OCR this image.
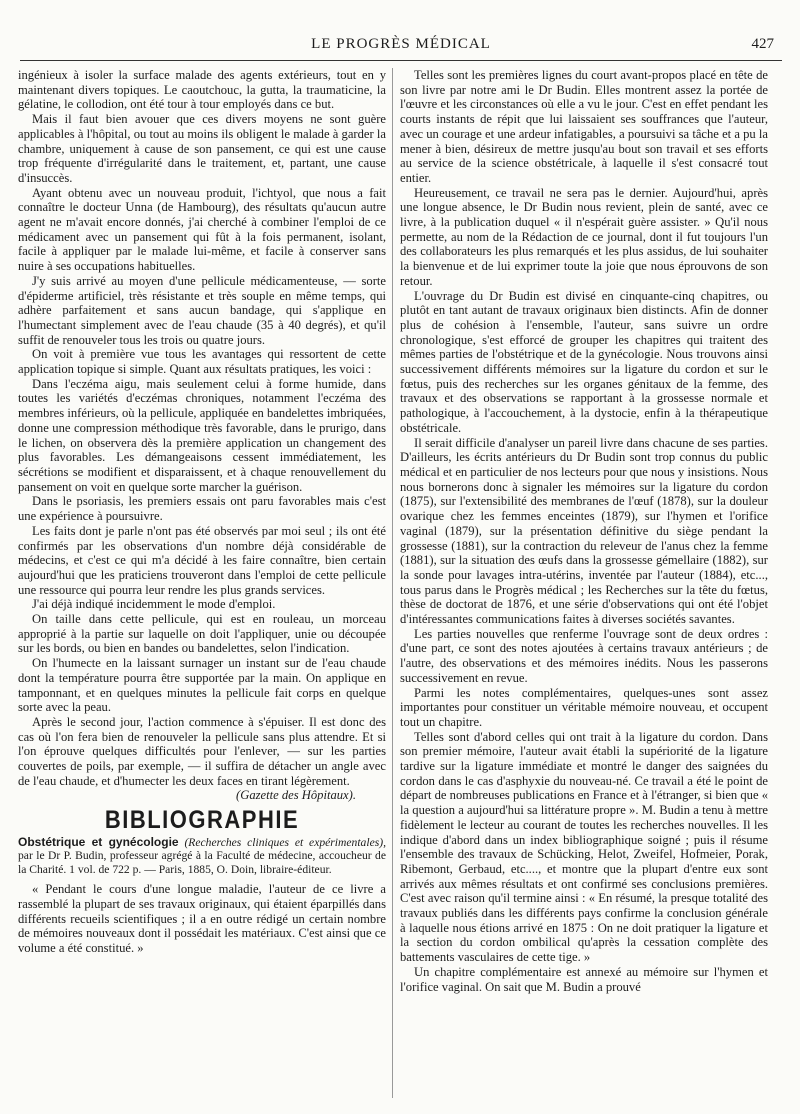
LE PROGRÈS MÉDICAL	427

ingénieux à isoler la surface malade des agents extérieurs, tout en y maintenant divers topiques. Le caoutchouc, la gutta, la traumaticine, la gélatine, le collodion, ont été tour à tour employés dans ce but.

Mais il faut bien avouer que ces divers moyens ne sont guère applicables à l'hôpital, ou tout au moins ils obligent le malade à garder la chambre, uniquement à cause de son pansement, ce qui est une cause trop fréquente d'irrégularité dans le traitement, et, partant, une cause d'insuccès.

Ayant obtenu avec un nouveau produit, l'ichtyol, que nous a fait connaître le docteur Unna (de Hambourg), des résultats qu'aucun autre agent ne m'avait encore donnés, j'ai cherché à combiner l'emploi de ce médicament avec un pansement qui fût à la fois permanent, isolant, facile à appliquer par le malade lui-même, et facile à conserver sans nuire à ses occupations habituelles.

J'y suis arrivé au moyen d'une pellicule médicamenteuse, — sorte d'épiderme artificiel, très résistante et très souple en même temps, qui adhère parfaitement et sans aucun bandage, qui s'applique en l'humectant simplement avec de l'eau chaude (35 à 40 degrés), et qu'il suffit de renouveler tous les trois ou quatre jours.

On voit à première vue tous les avantages qui ressortent de cette application topique si simple. Quant aux résultats pratiques, les voici :

Dans l'eczéma aigu, mais seulement celui à forme humide, dans toutes les variétés d'eczémas chroniques, notamment l'eczéma des membres inférieurs, où la pellicule, appliquée en bandelettes imbriquées, donne une compression méthodique très favorable, dans le prurigo, dans le lichen, on observera dès la première application un changement des plus favorables. Les démangeaisons cessent immédiatement, les sécrétions se modifient et disparaissent, et à chaque renouvellement du pansement on voit en quelque sorte marcher la guérison.

Dans le psoriasis, les premiers essais ont paru favorables mais c'est une expérience à poursuivre.

Les faits dont je parle n'ont pas été observés par moi seul ; ils ont été confirmés par les observations d'un nombre déjà considérable de médecins, et c'est ce qui m'a décidé à les faire connaître, bien certain aujourd'hui que les praticiens trouveront dans l'emploi de cette pellicule une ressource qui pourra leur rendre les plus grands services.

J'ai déjà indiqué incidemment le mode d'emploi.

On taille dans cette pellicule, qui est en rouleau, un morceau approprié à la partie sur laquelle on doit l'appliquer, unie ou découpée sur les bords, ou bien en bandes ou bandelettes, selon l'indication.

On l'humecte en la laissant surnager un instant sur de l'eau chaude dont la température pourra être supportée par la main. On applique en tamponnant, et en quelques minutes la pellicule fait corps en quelque sorte avec la peau.

Après le second jour, l'action commence à s'épuiser. Il est donc des cas où l'on fera bien de renouveler la pellicule sans plus attendre. Et si l'on éprouve quelques difficultés pour l'enlever, — sur les parties couvertes de poils, par exemple, — il suffira de détacher un angle avec de l'eau chaude, et d'humecter les deux faces en tirant légèrement.

(Gazette des Hôpitaux).

BIBLIOGRAPHIE

Obstétrique et gynécologie (Recherches cliniques et expérimentales), par le Dr P. Budin, professeur agrégé à la Faculté de médecine, accoucheur de la Charité. 1 vol. de 722 p. — Paris, 1885, O. Doin, libraire-éditeur.

« Pendant le cours d'une longue maladie, l'auteur de ce livre a rassemblé la plupart de ses travaux originaux, qui étaient éparpillés dans différents recueils scientifiques ; il a en outre rédigé un certain nombre de mémoires nouveaux dont il possédait les matériaux. C'est ainsi que ce volume a été constitué. »

Telles sont les premières lignes du court avant-propos placé en tête de son livre par notre ami le Dr Budin. Elles montrent assez la portée de l'œuvre et les circonstances où elle a vu le jour. C'est en effet pendant les courts instants de répit que lui laissaient ses souffrances que l'auteur, avec un courage et une ardeur infatigables, a poursuivi sa tâche et a pu la mener à bien, désireux de mettre jusqu'au bout son travail et ses efforts au service de la science obstétricale, à laquelle il s'est consacré tout entier.

Heureusement, ce travail ne sera pas le dernier. Aujourd'hui, après une longue absence, le Dr Budin nous revient, plein de santé, avec ce livre, à la publication duquel « il n'espérait guère assister. » Qu'il nous permette, au nom de la Rédaction de ce journal, dont il fut toujours l'un des collaborateurs les plus remarqués et les plus assidus, de lui souhaiter la bienvenue et de lui exprimer toute la joie que nous éprouvons de son retour.

L'ouvrage du Dr Budin est divisé en cinquante-cinq chapitres, ou plutôt en tant autant de travaux originaux bien distincts. Afin de donner plus de cohésion à l'ensemble, l'auteur, sans suivre un ordre chronologique, s'est efforcé de grouper les chapitres qui traitent des mêmes parties de l'obstétrique et de la gynécologie. Nous trouvons ainsi successivement différents mémoires sur la ligature du cordon et sur le fœtus, puis des recherches sur les organes génitaux de la femme, des travaux et des observations se rapportant à la grossesse normale et pathologique, à l'accouchement, à la dystocie, enfin à la thérapeutique obstétricale.

Il serait difficile d'analyser un pareil livre dans chacune de ses parties. D'ailleurs, les écrits antérieurs du Dr Budin sont trop connus du public médical et en particulier de nos lecteurs pour que nous y insistions. Nous nous bornerons donc à signaler les mémoires sur la ligature du cordon (1875), sur l'extensibilité des membranes de l'œuf (1878), sur la douleur ovarique chez les femmes enceintes (1879), sur l'hymen et l'orifice vaginal (1879), sur la présentation définitive du siège pendant la grossesse (1881), sur la contraction du releveur de l'anus chez la femme (1881), sur la situation des œufs dans la grossesse gémellaire (1882), sur la sonde pour lavages intra-utérins, inventée par l'auteur (1884), etc..., tous parus dans le Progrès médical ; les Recherches sur la tête du fœtus, thèse de doctorat de 1876, et une série d'observations qui ont été l'objet d'intéressantes communications faites à diverses sociétés savantes.

Les parties nouvelles que renferme l'ouvrage sont de deux ordres : d'une part, ce sont des notes ajoutées à certains travaux antérieurs ; de l'autre, des observations et des mémoires inédits. Nous les passerons successivement en revue.

Parmi les notes complémentaires, quelques-unes sont assez importantes pour constituer un véritable mémoire nouveau, et occupent tout un chapitre.

Telles sont d'abord celles qui ont trait à la ligature du cordon. Dans son premier mémoire, l'auteur avait établi la supériorité de la ligature tardive sur la ligature immédiate et montré le danger des saignées du cordon dans le cas d'asphyxie du nouveau-né. Ce travail a été le point de départ de nombreuses publications en France et à l'étranger, si bien que « la question a aujourd'hui sa littérature propre ». M. Budin a tenu à mettre fidèlement le lecteur au courant de toutes les recherches nouvelles. Il les indique d'abord dans un index bibliographique soigné ; puis il résume l'ensemble des travaux de Schücking, Helot, Zweifel, Hofmeier, Porak, Ribemont, Gerbaud, etc...., et montre que la plupart d'entre eux sont arrivés aux mêmes résultats et ont confirmé ses conclusions premières. C'est avec raison qu'il termine ainsi : « En résumé, la presque totalité des travaux publiés dans les différents pays confirme la conclusion générale à laquelle nous étions arrivé en 1875 : On ne doit pratiquer la ligature et la section du cordon ombilical qu'après la cessation complète des battements vasculaires de cette tige. »

Un chapitre complémentaire est annexé au mémoire sur l'hymen et l'orifice vaginal. On sait que M. Budin a prouvé
